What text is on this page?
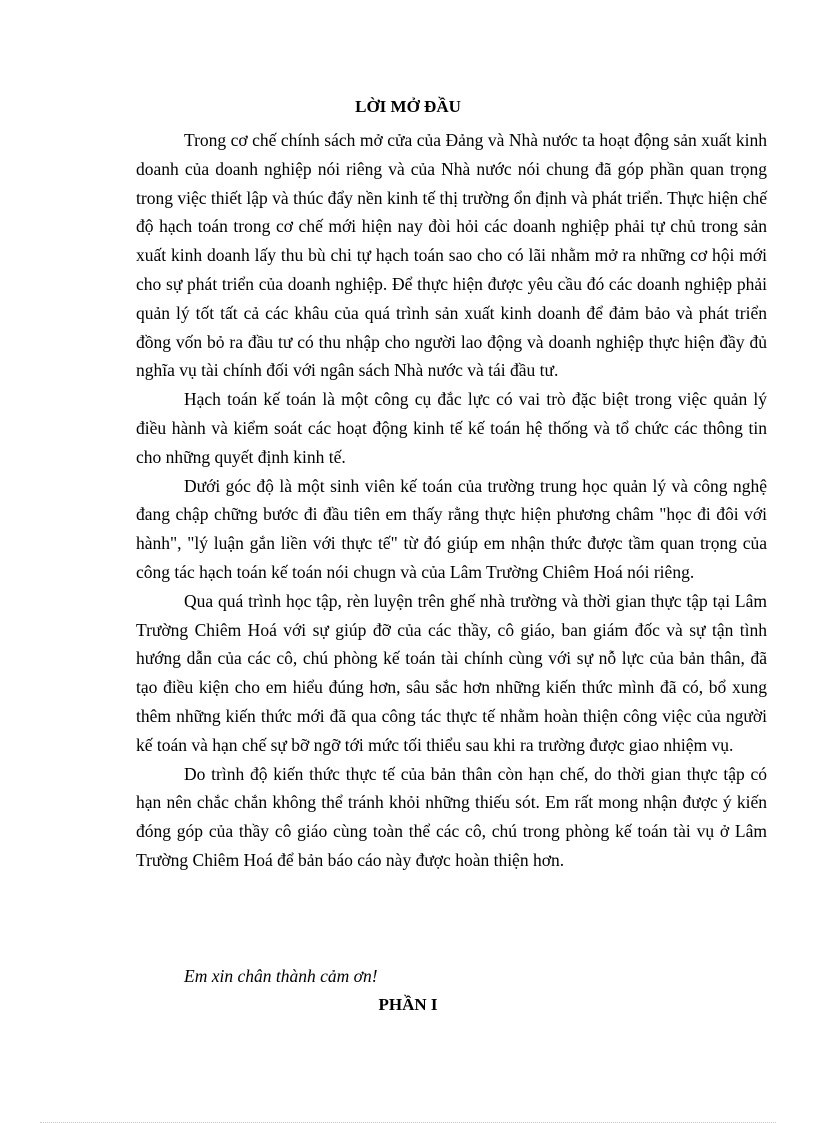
LỜI MỞ ĐẦU

Trong cơ chế chính sách mở cửa của Đảng và Nhà nước ta hoạt động sản xuất kinh doanh của doanh nghiệp nói riêng và của Nhà nước nói chung đã góp phần quan trọng trong việc thiết lập và thúc đẩy nền kinh tế thị trường ổn định và phát triển. Thực hiện chế độ hạch toán trong cơ chế mới hiện nay đòi hỏi các doanh nghiệp phải tự chủ trong sản xuất kinh doanh lấy thu bù chi tự hạch toán sao cho có lãi nhằm mở ra những cơ hội mới cho sự phát triển của doanh nghiệp. Để thực hiện được yêu cầu đó các doanh nghiệp phải quản lý tốt tất cả các khâu của quá trình sản xuất kinh doanh để đảm bảo và phát triển đồng vốn bỏ ra đầu tư có thu nhập cho người lao động và doanh nghiệp thực hiện đầy đủ nghĩa vụ tài chính đối với ngân sách Nhà nước và tái đầu tư.

Hạch toán kế toán là một công cụ đắc lực có vai trò đặc biệt trong việc quản lý điều hành và kiểm soát các hoạt động kinh tế kế toán hệ thống và tổ chức các thông tin cho những quyết định kinh tế.

Dưới góc độ là một sinh viên kế toán của trường trung học quản lý và công nghệ đang chập chững bước đi đầu tiên em thấy rằng thực hiện phương châm "học đi đôi với hành", "lý luận gắn liền với thực tế" từ đó giúp em nhận thức được tầm quan trọng của công tác hạch toán kế toán nói chugn và của Lâm Trường Chiêm Hoá nói riêng.

Qua quá trình học tập, rèn luyện trên ghế nhà trường và thời gian thực tập tại Lâm Trường Chiêm Hoá với sự giúp đỡ của các thầy, cô giáo, ban giám đốc và sự tận tình hướng dẫn của các cô, chú phòng kế toán tài chính cùng với sự nỗ lực của bản thân, đã tạo điều kiện cho em hiểu đúng hơn, sâu sắc hơn những kiến thức mình đã có, bổ xung thêm những kiến thức mới đã qua công tác thực tế nhằm hoàn thiện công việc của người kế toán và hạn chế sự bỡ ngỡ tới mức tối thiểu sau khi ra trường được giao nhiệm vụ.

Do trình độ kiến thức thực tế của bản thân còn hạn chế, do thời gian thực tập có hạn nên chắc chắn không thể tránh khỏi những thiếu sót. Em rất mong nhận được ý kiến đóng góp của thầy cô giáo cùng toàn thể các cô, chú trong phòng kế toán tài vụ ở Lâm Trường Chiêm Hoá để bản báo cáo này được hoàn thiện hơn.

Em xin chân thành cảm ơn!
PHẦN I
